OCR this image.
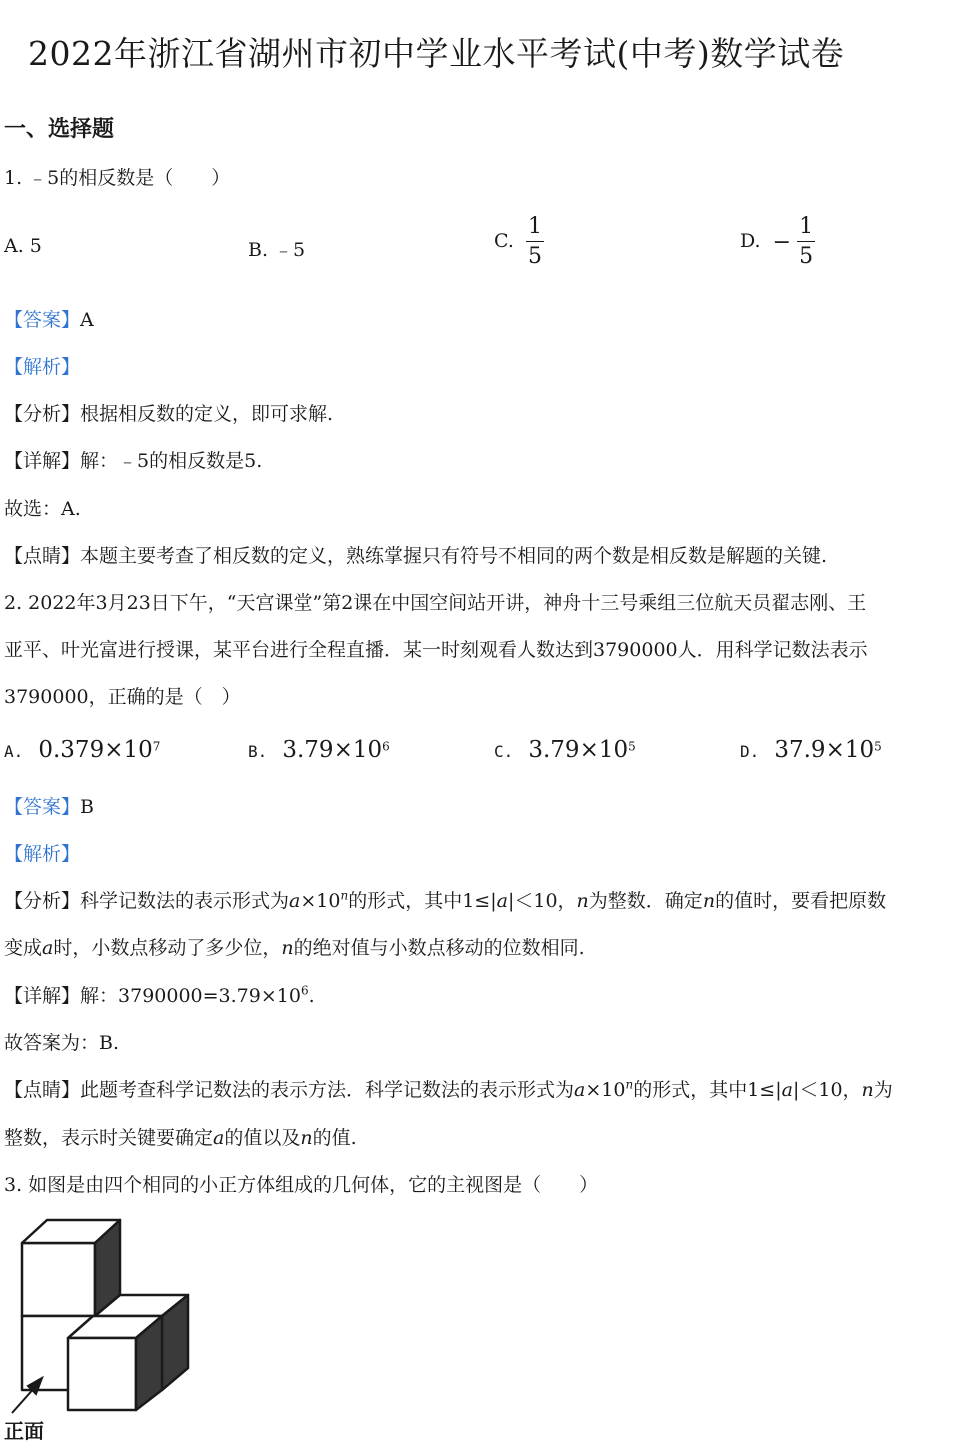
2022年浙江省湖州市初中学业水平考试(中考)数学试卷
一、选择题
1. ﹣5的相反数是（　　）
A. 5	B. ﹣5	C. $\frac{1}{5}$	D. − $\frac{1}{5}$
【答案】A
【解析】
【分析】根据相反数的定义，即可求解.
【详解】解：﹣5的相反数是5.
故选：A.
【点睛】本题主要考查了相反数的定义，熟练掌握只有符号不相同的两个数是相反数是解题的关键.
2. 2022年3月23日下午，“天宫课堂”第2课在中国空间站开讲，神舟十三号乘组三位航天员翟志刚、王
亚平、叶光富进行授课，某平台进行全程直播．某一时刻观看人数达到3790000人．用科学记数法表示
3790000，正确的是（　）
A. $0.379\times 10^7$	B. $3.79\times 10^6$	C. $3.79\times 10^5$	D. $37.9\times 10^5$
【答案】B
【解析】
【分析】科学记数法的表示形式为$a\times 10^n$的形式，其中1≤|a|＜10，n为整数．确定n的值时，要看把原数
变成a时，小数点移动了多少位，n的绝对值与小数点移动的位数相同.
【详解】解：$3790000=3.79\times 10^6$.
故答案为：B.
【点睛】此题考查科学记数法的表示方法．科学记数法的表示形式为$a\times 10^n$的形式，其中1≤|a|＜10，n为
整数，表示时关键要确定a的值以及n的值.
3. 如图是由四个相同的小正方体组成的几何体，它的主视图是（　　）
正面
